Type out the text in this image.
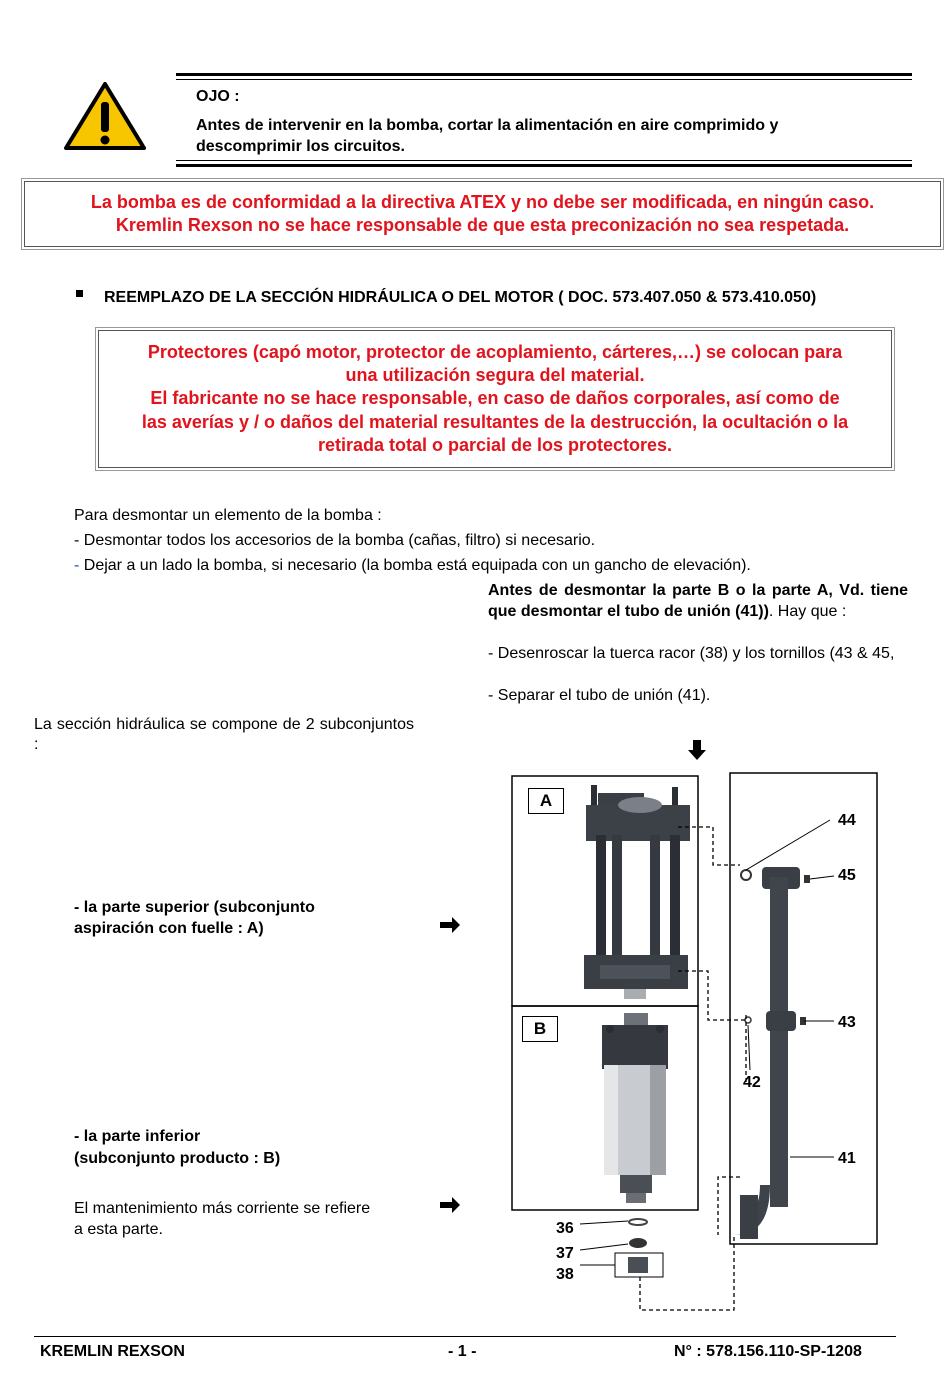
OJO :
Antes de intervenir en la bomba, cortar la alimentación en aire comprimido y descomprimir los circuitos.
La bomba es de conformidad a la directiva ATEX y no debe ser modificada, en ningún caso.
Kremlin Rexson no se hace responsable de que esta preconización no sea respetada.
REEMPLAZO DE LA SECCIÓN HIDRÁULICA O DEL MOTOR ( DOC. 573.407.050 & 573.410.050)
Protectores (capó motor, protector de acoplamiento, cárteres,…) se colocan para
una utilización segura del material.
El fabricante no se hace responsable, en caso de daños corporales, así como de
las averías y / o daños del material resultantes de la destrucción, la ocultación o la
retirada total o parcial de los protectores.
Para desmontar un elemento de la bomba :
- Desmontar todos los accesorios de la bomba (cañas, filtro) si necesario.
- Dejar a un lado la bomba, si necesario (la bomba está equipada con un gancho de elevación).
Antes de desmontar la parte B o la parte A, Vd. tiene que desmontar el tubo de unión (41)). Hay que :
- Desenroscar la tuerca racor (38) y los tornillos (43 & 45,
- Separar el tubo de unión (41).
La sección hidráulica se compone de 2 subconjuntos :
- la parte superior (subconjunto
aspiración con fuelle : A)
- la parte inferior
(subconjunto producto : B)
El mantenimiento más corriente se refiere
a esta parte.
A
B
44
45
43
42
41
36
37
38
KREMLIN REXSON	- 1 -	N° : 578.156.110-SP-1208
